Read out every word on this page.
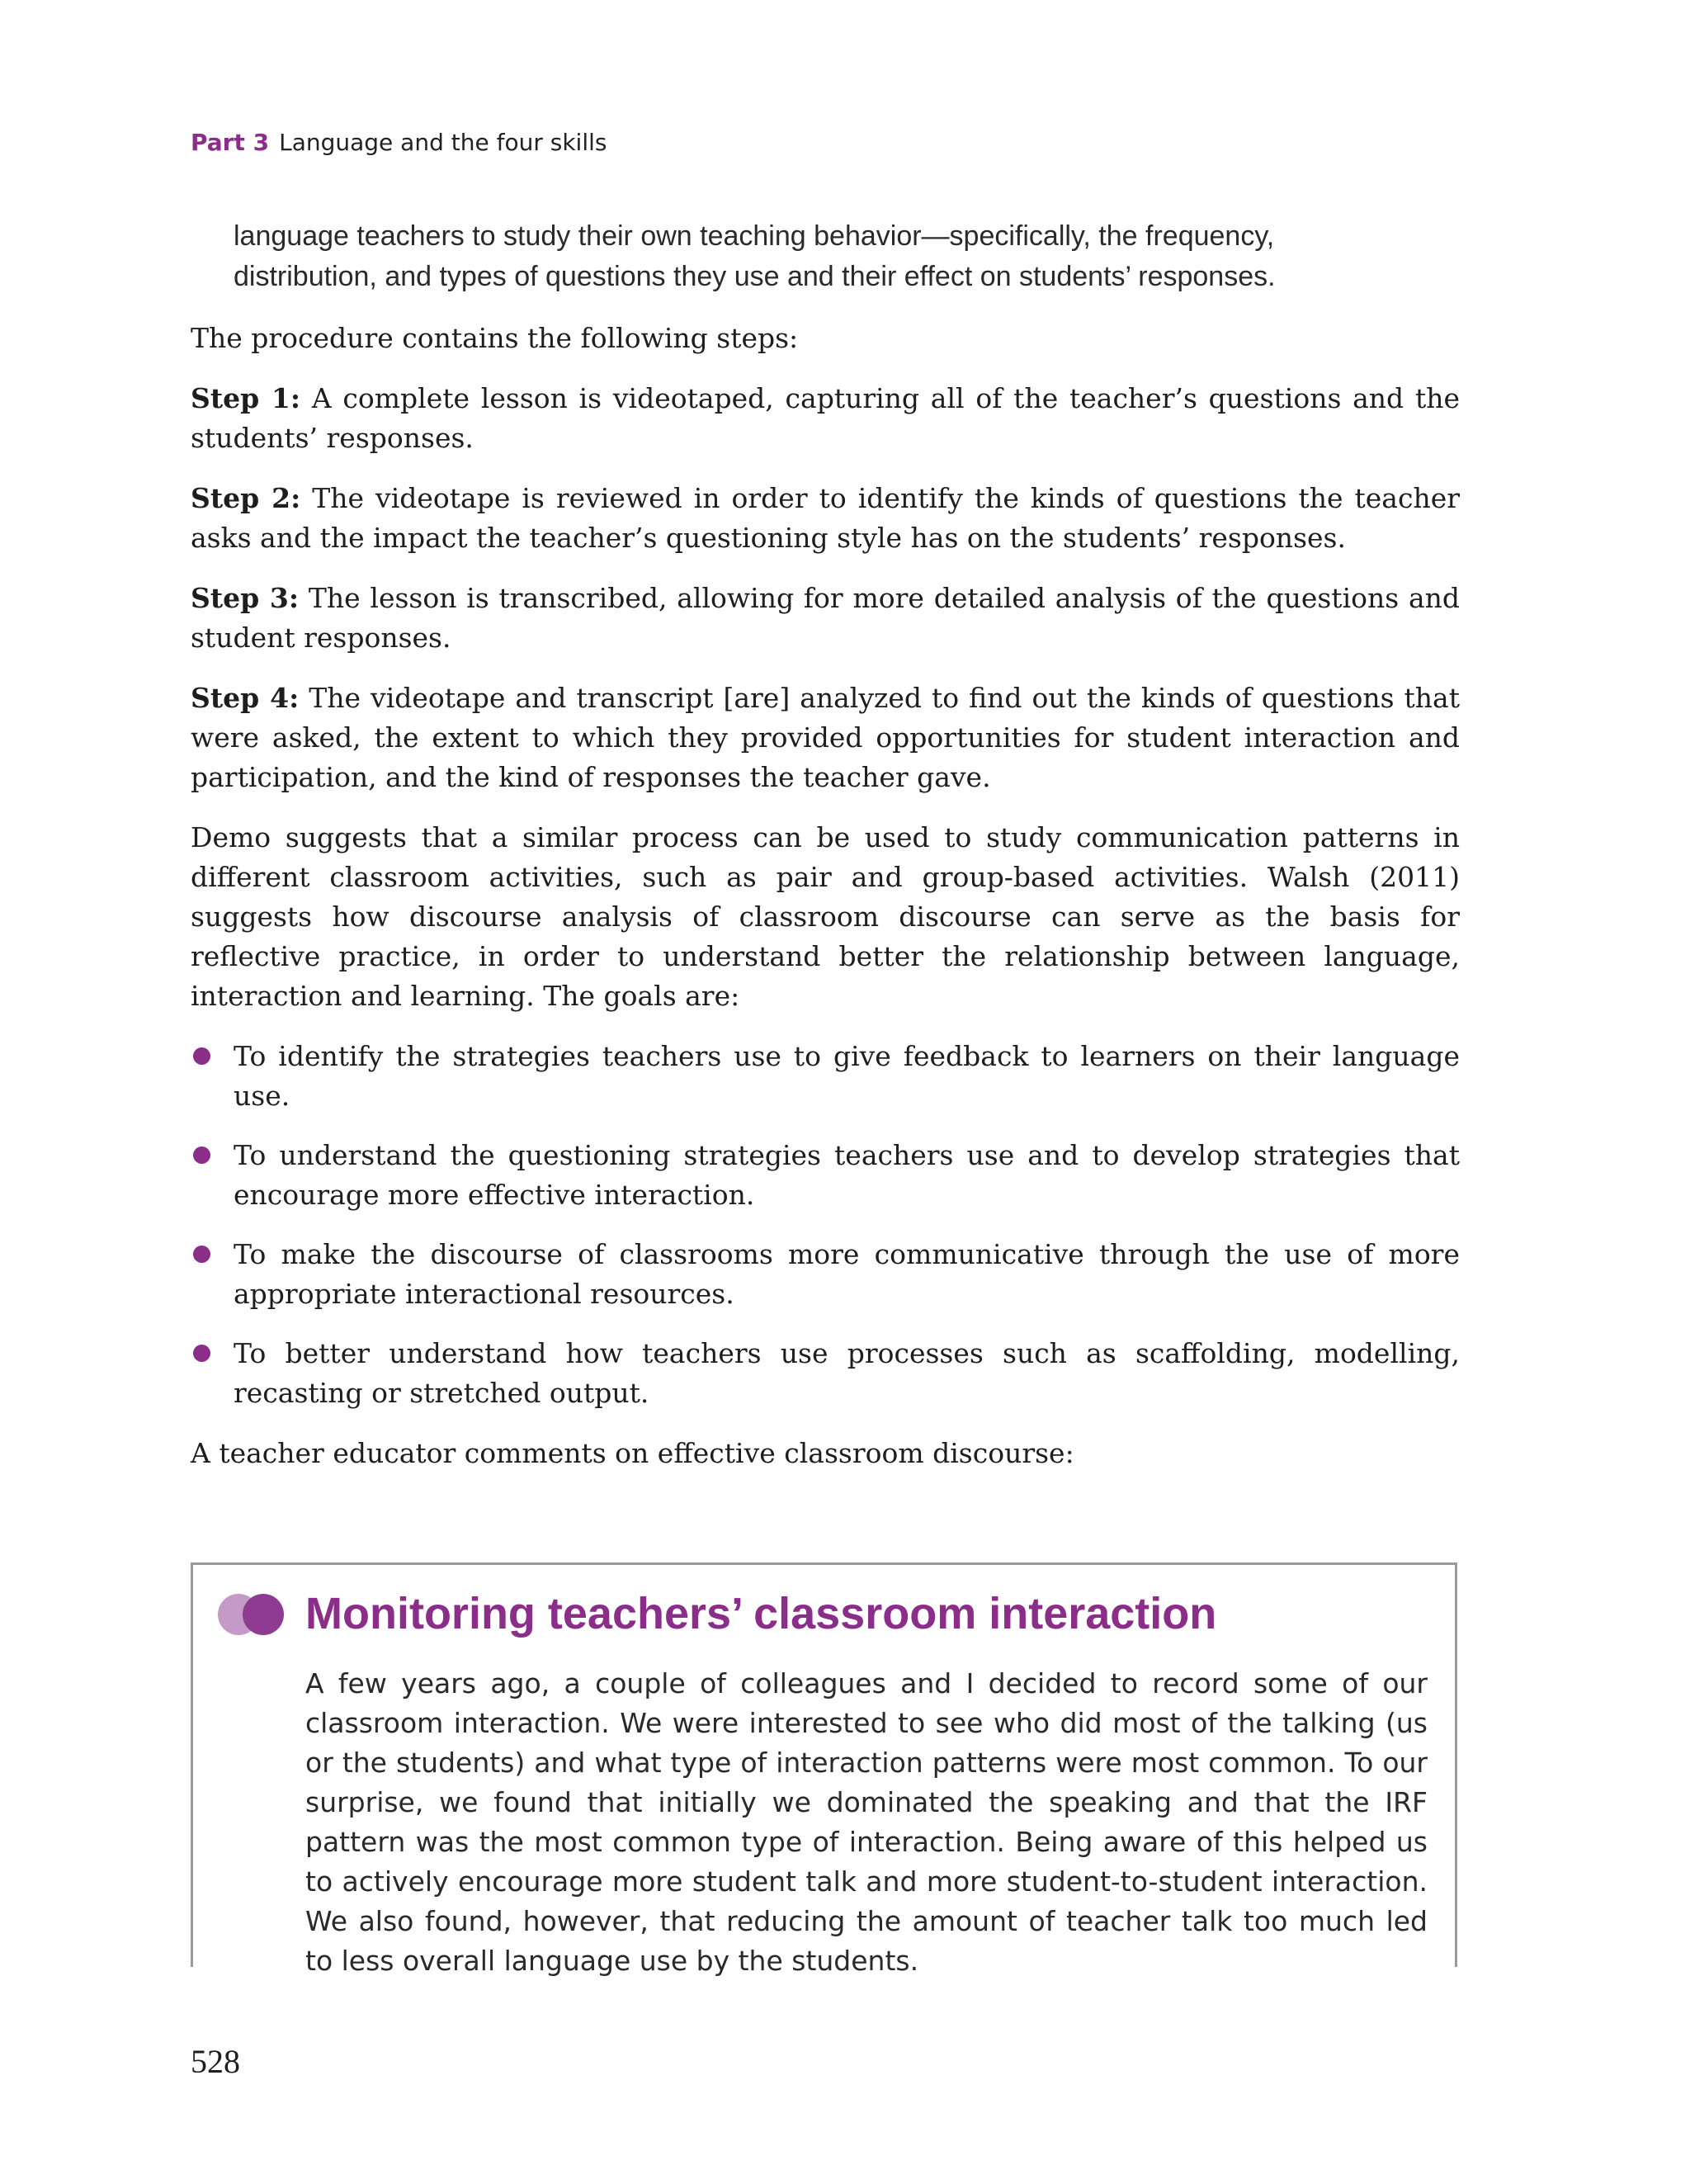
Part 3 Language and the four skills
language teachers to study their own teaching behavior—specifically, the frequency, distribution, and types of questions they use and their effect on students’ responses.

The procedure contains the following steps:

Step 1: A complete lesson is videotaped, capturing all of the teacher’s questions and the students’ responses.

Step 2: The videotape is reviewed in order to identify the kinds of questions the teacher asks and the impact the teacher’s questioning style has on the students’ responses.

Step 3: The lesson is transcribed, allowing for more detailed analysis of the questions and student responses.

Step 4: The videotape and transcript [are] analyzed to find out the kinds of questions that were asked, the extent to which they provided opportunities for student interaction and participation, and the kind of responses the teacher gave.

Demo suggests that a similar process can be used to study communication patterns in different classroom activities, such as pair and group-based activities. Walsh (2011) suggests how discourse analysis of classroom discourse can serve as the basis for reflective practice, in order to understand better the relationship between language, interaction and learning. The goals are:

To identify the strategies teachers use to give feedback to learners on their language use.
To understand the questioning strategies teachers use and to develop strategies that encourage more effective interaction.
To make the discourse of classrooms more communicative through the use of more appropriate interactional resources.
To better understand how teachers use processes such as scaffolding, modelling, recasting or stretched output.

A teacher educator comments on effective classroom discourse:

Monitoring teachers’ classroom interaction

A few years ago, a couple of colleagues and I decided to record some of our classroom interaction. We were interested to see who did most of the talking (us or the students) and what type of interaction patterns were most common. To our surprise, we found that initially we dominated the speaking and that the IRF pattern was the most common type of interaction. Being aware of this helped us to actively encourage more student talk and more student-to-student interaction. We also found, however, that reducing the amount of teacher talk too much led to less overall language use by the students.

528
